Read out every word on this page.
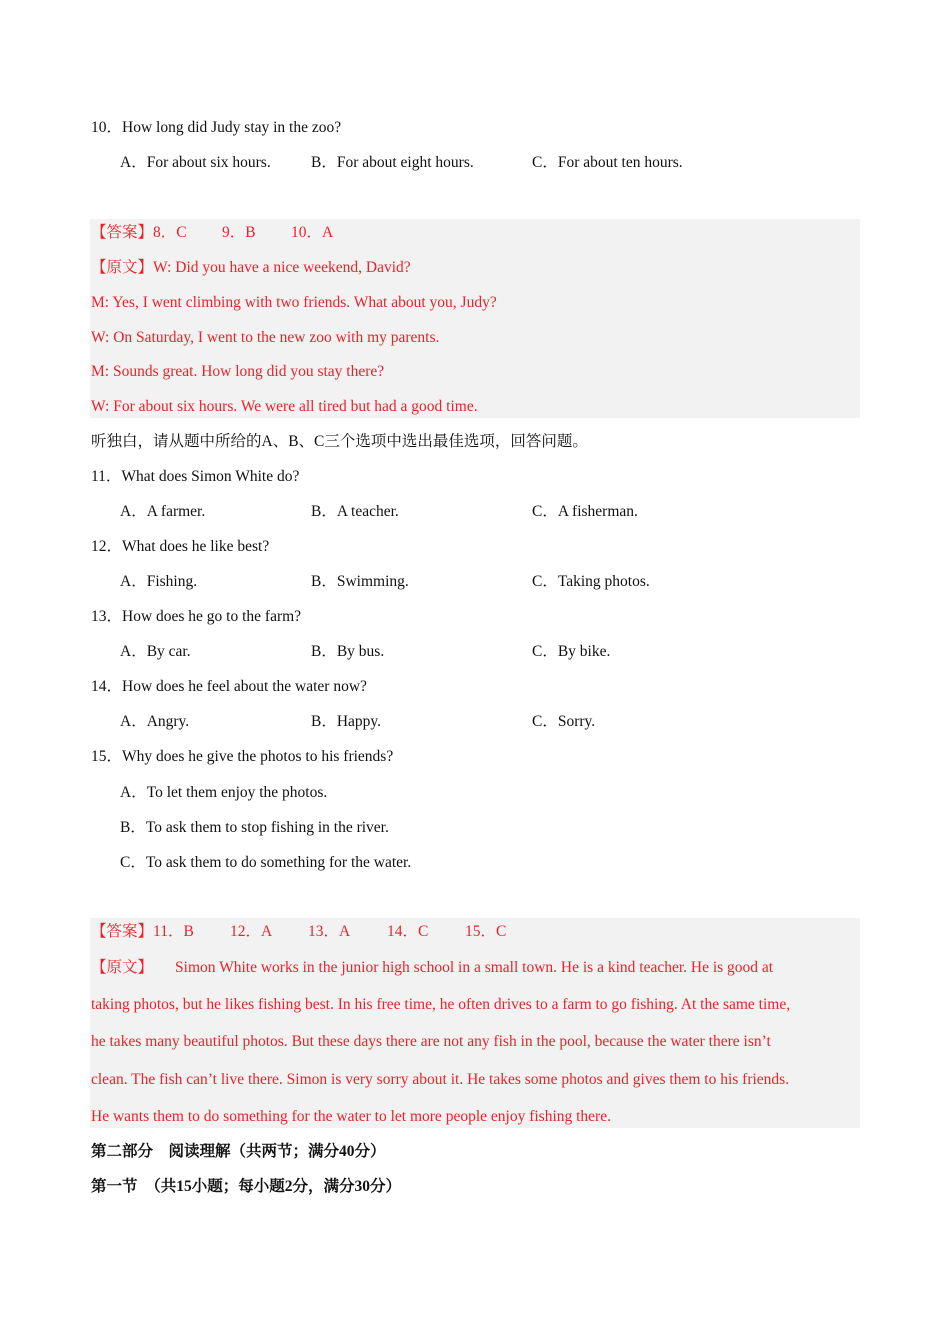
10．How long did Judy stay in the zoo?
A．For about six hours.	B．For about eight hours.	C．For about ten hours.
【答案】8．C 9．B 10．A
【原文】W: Did you have a nice weekend, David?
M: Yes, I went climbing with two friends. What about you, Judy?
W: On Saturday, I went to the new zoo with my parents.
M: Sounds great. How long did you stay there?
W: For about six hours. We were all tired but had a good time.
听独白，请从题中所给的A、B、C三个选项中选出最佳选项，回答问题。
11．What does Simon White do?
A．A farmer.	B．A teacher.	C．A fisherman.
12．What does he like best?
A．Fishing.	B．Swimming.	C．Taking photos.
13．How does he go to the farm?
A．By car.	B．By bus.	C．By bike.
14．How does he feel about the water now?
A．Angry.	B．Happy.	C．Sorry.
15．Why does he give the photos to his friends?
A．To let them enjoy the photos.
B．To ask them to stop fishing in the river.
C．To ask them to do something for the water.
【答案】11．B 12．A 13．A 14．C 15．C
【原文】 Simon White works in the junior high school in a small town. He is a kind teacher. He is good at
taking photos, but he likes fishing best. In his free time, he often drives to a farm to go fishing. At the same time,
he takes many beautiful photos. But these days there are not any fish in the pool, because the water there isn’t
clean. The fish can’t live there. Simon is very sorry about it. He takes some photos and gives them to his friends.
He wants them to do something for the water to let more people enjoy fishing there.
第二部分　阅读理解（共两节；满分40分）
第一节　（共15小题；每小题2分，满分30分）
